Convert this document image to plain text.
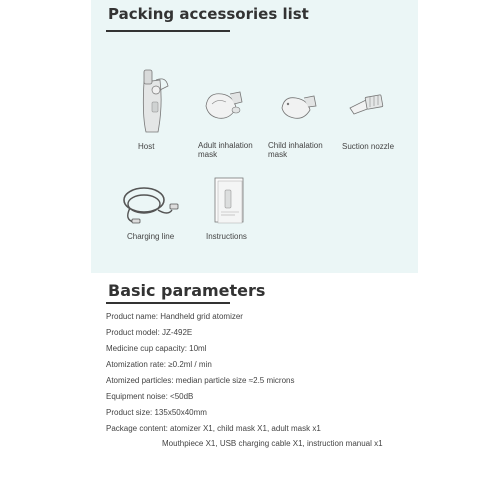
Packing accessories list
Host	Adult inhalation mask
Child inhalation mask
Suction nozzle
Charging line	Instructions
Basic parameters
Product name: Handheld grid atomizer
Product model: JZ-492E
Medicine cup capacity: 10ml
Atomization rate: ≥0.2ml / min
Atomized particles: median particle size ≈2.5 microns
Equipment noise: <50dB
Product size: 135x50x40mm
Package content: atomizer X1, child mask X1, adult mask x1
Mouthpiece X1, USB charging cable X1, instruction manual x1
